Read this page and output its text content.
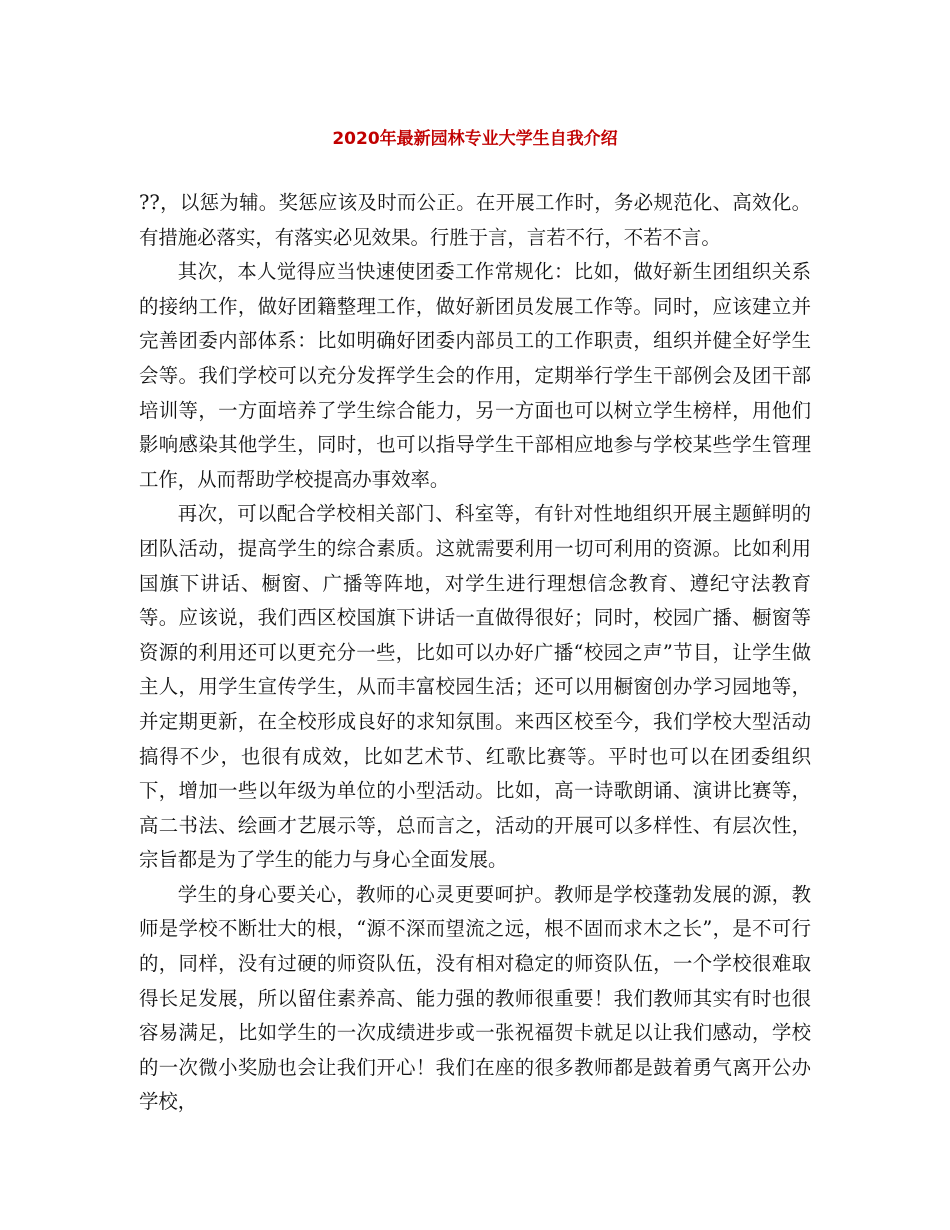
2020年最新园林专业大学生自我介绍

??，以惩为辅。奖惩应该及时而公正。在开展工作时，务必规范化、高效化。有措施必落实，有落实必见效果。行胜于言，言若不行，不若不言。

其次，本人觉得应当快速使团委工作常规化：比如，做好新生团组织关系的接纳工作，做好团籍整理工作，做好新团员发展工作等。同时，应该建立并完善团委内部体系：比如明确好团委内部员工的工作职责，组织并健全好学生会等。我们学校可以充分发挥学生会的作用，定期举行学生干部例会及团干部培训等，一方面培养了学生综合能力，另一方面也可以树立学生榜样，用他们影响感染其他学生，同时，也可以指导学生干部相应地参与学校某些学生管理工作，从而帮助学校提高办事效率。

再次，可以配合学校相关部门、科室等，有针对性地组织开展主题鲜明的团队活动，提高学生的综合素质。这就需要利用一切可利用的资源。比如利用国旗下讲话、橱窗、广播等阵地，对学生进行理想信念教育、遵纪守法教育等。应该说，我们西区校国旗下讲话一直做得很好；同时，校园广播、橱窗等资源的利用还可以更充分一些，比如可以办好广播“校园之声”节目，让学生做主人，用学生宣传学生，从而丰富校园生活；还可以用橱窗创办学习园地等，并定期更新，在全校形成良好的求知氛围。来西区校至今，我们学校大型活动搞得不少，也很有成效，比如艺术节、红歌比赛等。平时也可以在团委组织下，增加一些以年级为单位的小型活动。比如，高一诗歌朗诵、演讲比赛等，高二书法、绘画才艺展示等，总而言之，活动的开展可以多样性、有层次性，宗旨都是为了学生的能力与身心全面发展。

学生的身心要关心，教师的心灵更要呵护。教师是学校蓬勃发展的源，教师是学校不断壮大的根，“源不深而望流之远，根不固而求木之长”，是不可行的，同样，没有过硬的师资队伍，没有相对稳定的师资队伍，一个学校很难取得长足发展，所以留住素养高、能力强的教师很重要！我们教师其实有时也很容易满足，比如学生的一次成绩进步或一张祝福贺卡就足以让我们感动，学校的一次微小奖励也会让我们开心！我们在座的很多教师都是鼓着勇气离开公办学校，
